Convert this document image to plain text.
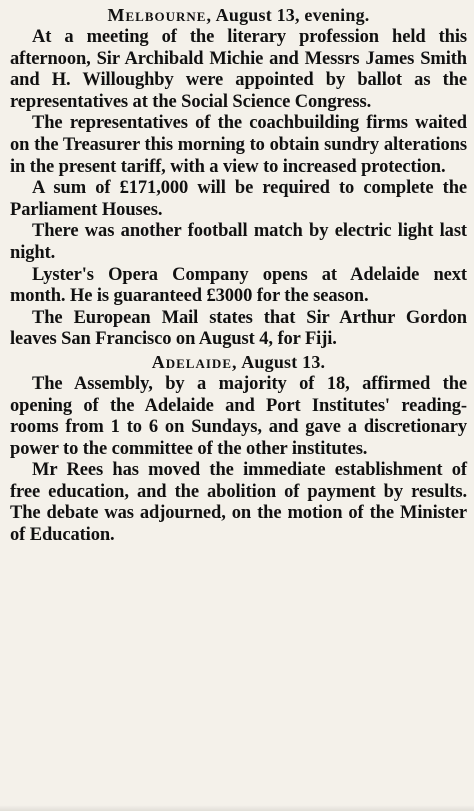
Melbourne, August 13, evening.

At a meeting of the literary profession held this afternoon, Sir Archibald Michie and Messrs James Smith and H. Willoughby were appointed by ballot as the representatives at the Social Science Congress.

The representatives of the coachbuilding firms waited on the Treasurer this morning to obtain sundry alterations in the present tariff, with a view to increased protection.

A sum of £171,000 will be required to complete the Parliament Houses.

There was another football match by electric light last night.

Lyster's Opera Company opens at Adelaide next month. He is guaranteed £3000 for the season.

The European Mail states that Sir Arthur Gordon leaves San Francisco on August 4, for Fiji.

Adelaide, August 13.

The Assembly, by a majority of 18, affirmed the opening of the Adelaide and Port Institutes' reading-rooms from 1 to 6 on Sundays, and gave a discretionary power to the committee of the other institutes.

Mr Rees has moved the immediate establishment of free education, and the abolition of payment by results. The debate was adjourned, on the motion of the Minister of Education.
